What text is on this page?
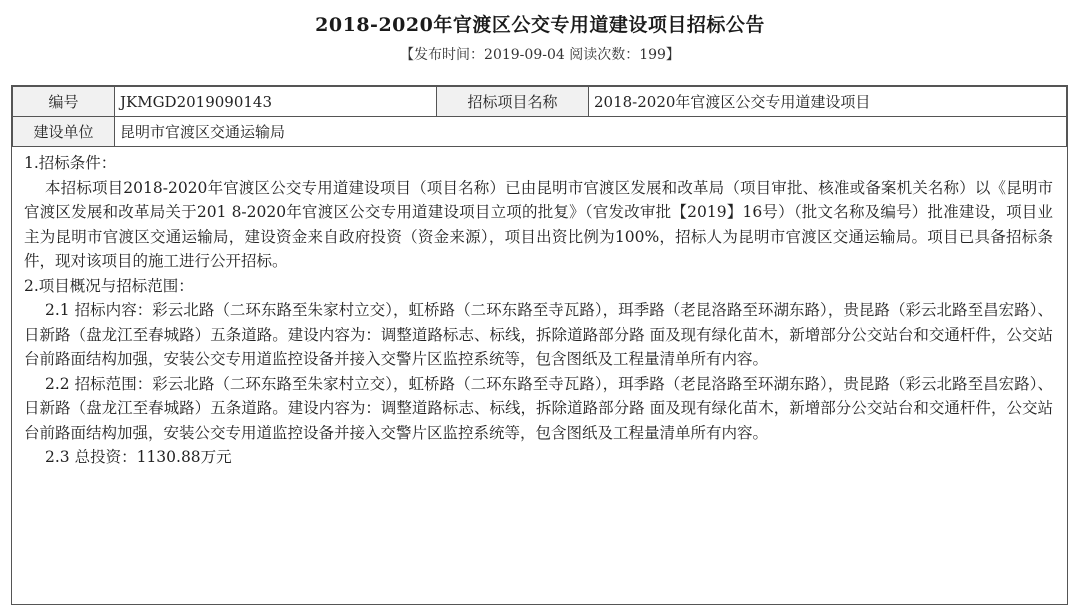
2018-2020年官渡区公交专用道建设项目招标公告
【发布时间：2019-09-04 阅读次数：199】
编号	JKMGD2019090143	招标项目名称	2018-2020年官渡区公交专用道建设项目
建设单位	昆明市官渡区交通运输局		

1.招标条件：

本招标项目2018-2020年官渡区公交专用道建设项目（项目名称）已由昆明市官渡区发展和改革局（项目审批、核准或备案机关名称）以《昆明市官渡区发展和改革局关于201 8-2020年官渡区公交专用道建设项目立项的批复》（官发改审批【2019】16号）（批文名称及编号）批准建设，项目业主为昆明市官渡区交通运输局，建设资金来自政府投资（资金来源），项目出资比例为100%，招标人为昆明市官渡区交通运输局。项目已具备招标条件，现对该项目的施工进行公开招标。

2.项目概况与招标范围：

2.1 招标内容：彩云北路（二环东路至朱家村立交），虹桥路（二环东路至寺瓦路），珥季路（老昆洛路至环湖东路），贵昆路（彩云北路至昌宏路）、日新路（盘龙江至春城路）五条道路。建设内容为：调整道路标志、标线，拆除道路部分路 面及现有绿化苗木，新增部分公交站台和交通杆件，公交站台前路面结构加强，安装公交专用道监控设备并接入交警片区监控系统等，包含图纸及工程量清单所有内容。

2.2 招标范围：彩云北路（二环东路至朱家村立交），虹桥路（二环东路至寺瓦路），珥季路（老昆洛路至环湖东路），贵昆路（彩云北路至昌宏路）、日新路（盘龙江至春城路）五条道路。建设内容为：调整道路标志、标线，拆除道路部分路 面及现有绿化苗木，新增部分公交站台和交通杆件，公交站台前路面结构加强，安装公交专用道监控设备并接入交警片区监控系统等，包含图纸及工程量清单所有内容。

2.3 总投资：1130.88万元
